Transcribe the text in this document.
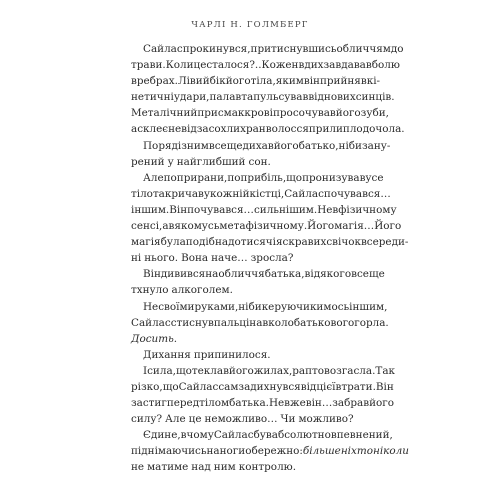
ЧАРЛІ Н. ГОЛМБЕРГ
Сайлас прокинувся, притиснувшись обличчям до
трави. Коли це сталося?.. Кожен вдих завдавав болю
в ребрах. Лівий бік його тіла, яким він прийняв кі-
нетичні удари, палав та пульсував від нових синців.
Металічний присмак крові просочував його зуби,
а склеєне від засохлих ран волосся прилипло до чола.
Поряд із ним все ще дихав його батько, ніби зану-
рений у найглибший сон.
Але попри рани, попри біль, що пронизував усе
тіло та кричав у кожній кістці, Сайлас почувався…
іншим. Він почувався… сильнішим. Не в фізичному
сенсі, а в якомусь метафізичному. Його магія… Його
магія була подібна до тисячі яскравих свічок всереди-
ні нього. Вона наче… зросла?
Він дивився на обличчя батька, від якого все ще
тхнуло алкоголем.
Не своїми руками, ніби керуючи кимось іншим,
Сайлас стиснув пальці навколо батькового горла.
Досить.
Дихання припинилося.
І сила, що текла в його жилах, раптово згасла. Так
різко, що Сайлас сам задихнувся від цієї втрати. Він
застиг перед тілом батька. Невже він… забрав його
силу? Але це неможливо… Чи можливо?
Єдине, в чому Сайлас був абсолютно впевнений,
піднімаючись на ноги обережно: більше ніхто ніколи
не матиме над ним контролю.
